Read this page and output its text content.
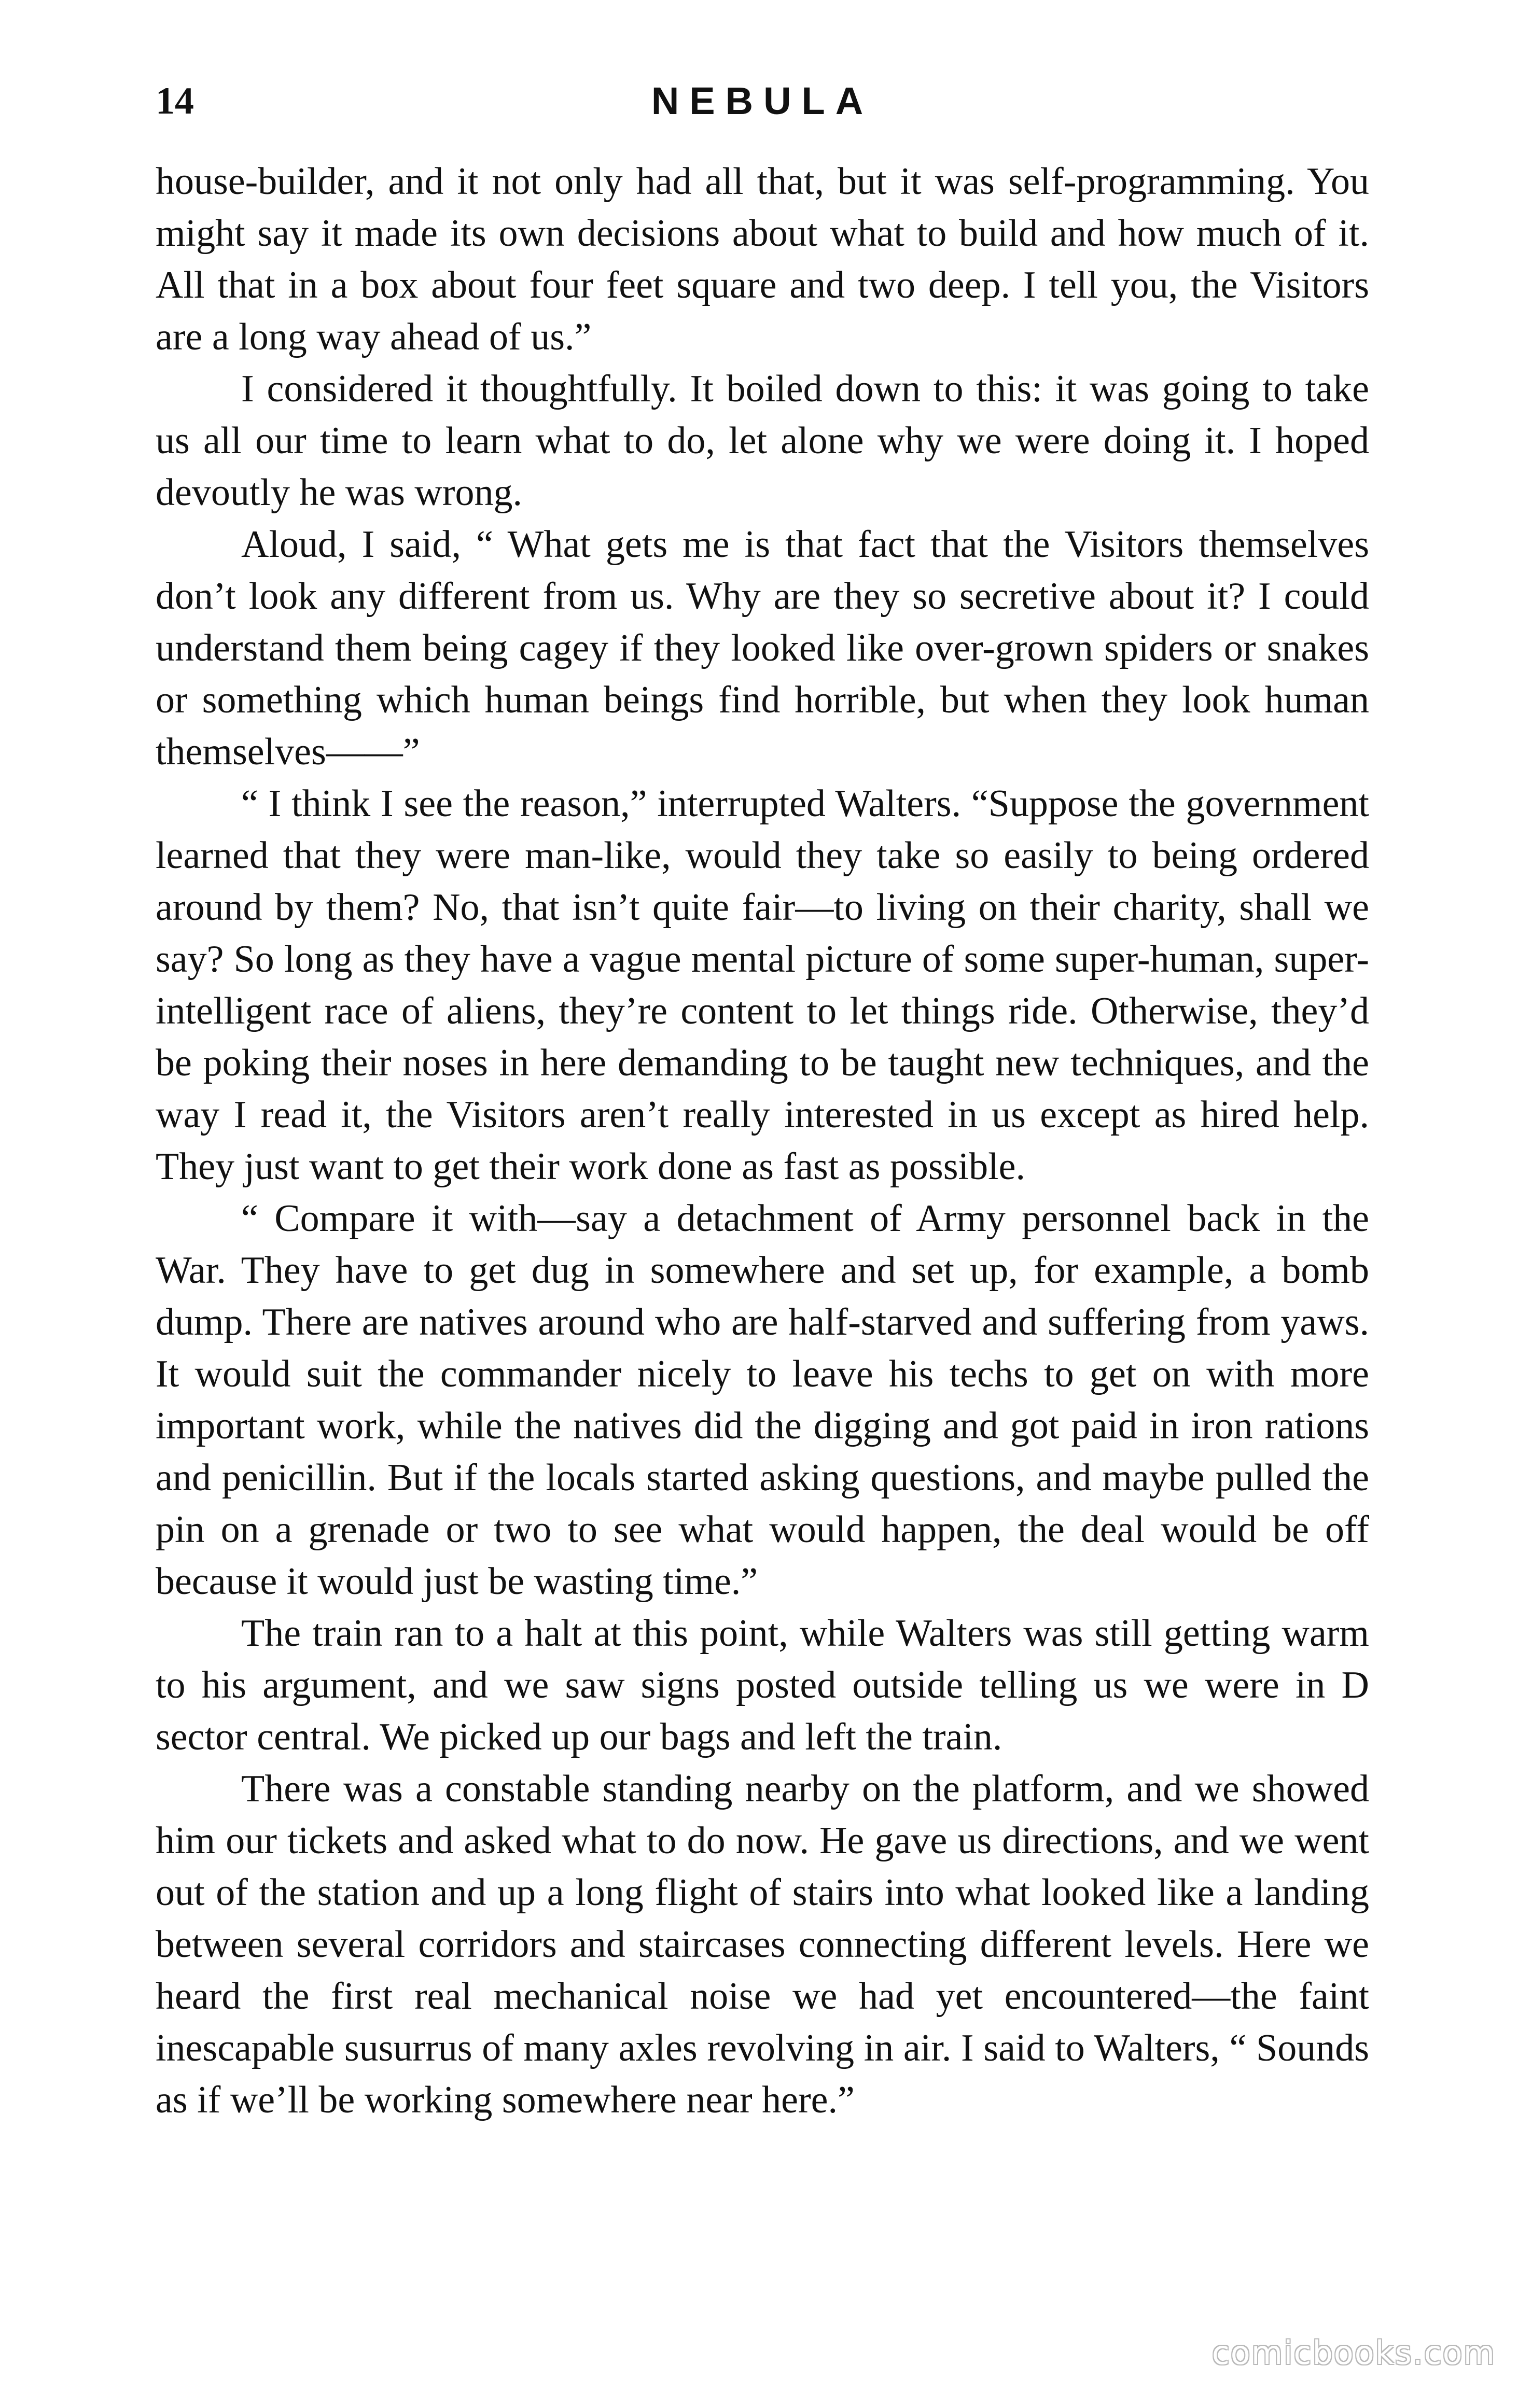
14	NEBULA

house-builder, and it not only had all that, but it was self-programming. You might say it made its own decisions about what to build and how much of it. All that in a box about four feet square and two deep. I tell you, the Visitors are a long way ahead of us.”

I considered it thoughtfully. It boiled down to this: it was going to take us all our time to learn what to do, let alone why we were doing it. I hoped devoutly he was wrong.

Aloud, I said, “ What gets me is that fact that the Visitors themselves don’t look any different from us. Why are they so secretive about it? I could understand them being cagey if they looked like over-grown spiders or snakes or something which human beings find horrible, but when they look human themselves——”

“ I think I see the reason,” interrupted Walters. “Suppose the government learned that they were man-like, would they take so easily to being ordered around by them? No, that isn’t quite fair—to living on their charity, shall we say? So long as they have a vague mental picture of some super-human, super-intelligent race of aliens, they’re content to let things ride. Otherwise, they’d be poking their noses in here demanding to be taught new techniques, and the way I read it, the Visitors aren’t really interested in us except as hired help. They just want to get their work done as fast as possible.

“ Compare it with—say a detachment of Army personnel back in the War. They have to get dug in somewhere and set up, for example, a bomb dump. There are natives around who are half-starved and suffering from yaws. It would suit the commander nicely to leave his techs to get on with more important work, while the natives did the digging and got paid in iron rations and penicillin. But if the locals started asking questions, and maybe pulled the pin on a grenade or two to see what would happen, the deal would be off because it would just be wasting time.”

The train ran to a halt at this point, while Walters was still getting warm to his argument, and we saw signs posted outside telling us we were in D sector central. We picked up our bags and left the train.

There was a constable standing nearby on the platform, and we showed him our tickets and asked what to do now. He gave us directions, and we went out of the station and up a long flight of stairs into what looked like a landing between several corridors and staircases connecting different levels. Here we heard the first real mechanical noise we had yet encountered—the faint inescapable susurrus of many axles revolving in air. I said to Walters, “ Sounds as if we’ll be working somewhere near here.”

comicbooks.com
